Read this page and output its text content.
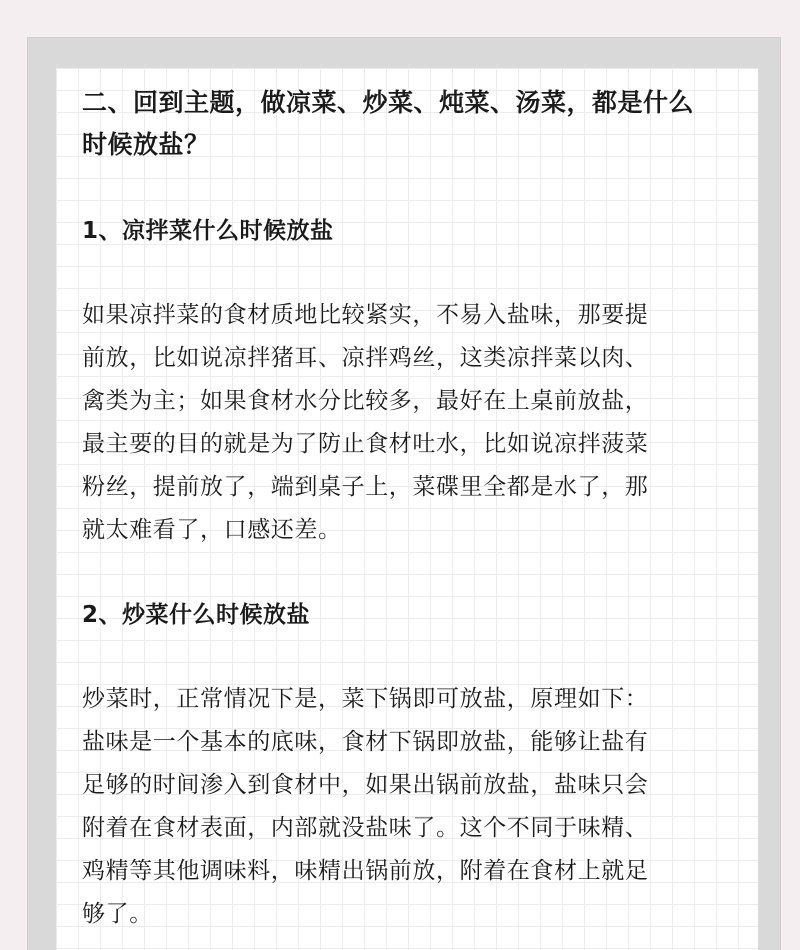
二、回到主题，做凉菜、炒菜、炖菜、汤菜，都是什么
时候放盐？
1、凉拌菜什么时候放盐
如果凉拌菜的食材质地比较紧实，不易入盐味，那要提
前放，比如说凉拌猪耳、凉拌鸡丝，这类凉拌菜以肉、
禽类为主；如果食材水分比较多，最好在上桌前放盐，
最主要的目的就是为了防止食材吐水，比如说凉拌菠菜
粉丝，提前放了，端到桌子上，菜碟里全都是水了，那
就太难看了，口感还差。
2、炒菜什么时候放盐
炒菜时，正常情况下是，菜下锅即可放盐，原理如下：
盐味是一个基本的底味，食材下锅即放盐，能够让盐有
足够的时间渗入到食材中，如果出锅前放盐，盐味只会
附着在食材表面，内部就没盐味了。这个不同于味精、
鸡精等其他调味料，味精出锅前放，附着在食材上就足
够了。
